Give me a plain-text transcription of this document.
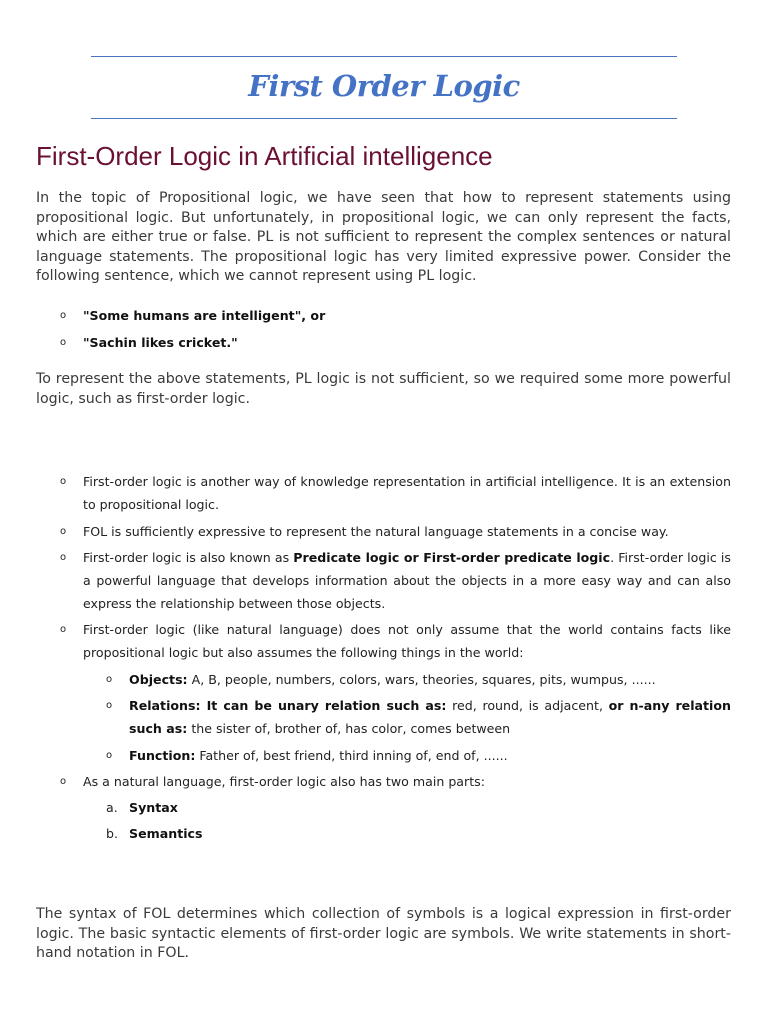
First Order Logic
First-Order Logic in Artificial intelligence

In the topic of Propositional logic, we have seen that how to represent statements using propositional logic. But unfortunately, in propositional logic, we can only represent the facts, which are either true or false. PL is not sufficient to represent the complex sentences or natural language statements. The propositional logic has very limited expressive power. Consider the following sentence, which we cannot represent using PL logic.

o "Some humans are intelligent", or
o "Sachin likes cricket."

To represent the above statements, PL logic is not sufficient, so we required some more powerful logic, such as first-order logic.

o First-order logic is another way of knowledge representation in artificial intelligence. It is an extension to propositional logic.
o FOL is sufficiently expressive to represent the natural language statements in a concise way.
o First-order logic is also known as Predicate logic or First-order predicate logic. First-order logic is a powerful language that develops information about the objects in a more easy way and can also express the relationship between those objects.
o First-order logic (like natural language) does not only assume that the world contains facts like propositional logic but also assumes the following things in the world:
o Objects: A, B, people, numbers, colors, wars, theories, squares, pits, wumpus, ......
o Relations: It can be unary relation such as: red, round, is adjacent, or n-any relation such as: the sister of, brother of, has color, comes between
o Function: Father of, best friend, third inning of, end of, ......
o As a natural language, first-order logic also has two main parts:
a. Syntax
b. Semantics

The syntax of FOL determines which collection of symbols is a logical expression in first-order logic. The basic syntactic elements of first-order logic are symbols. We write statements in short-hand notation in FOL.
